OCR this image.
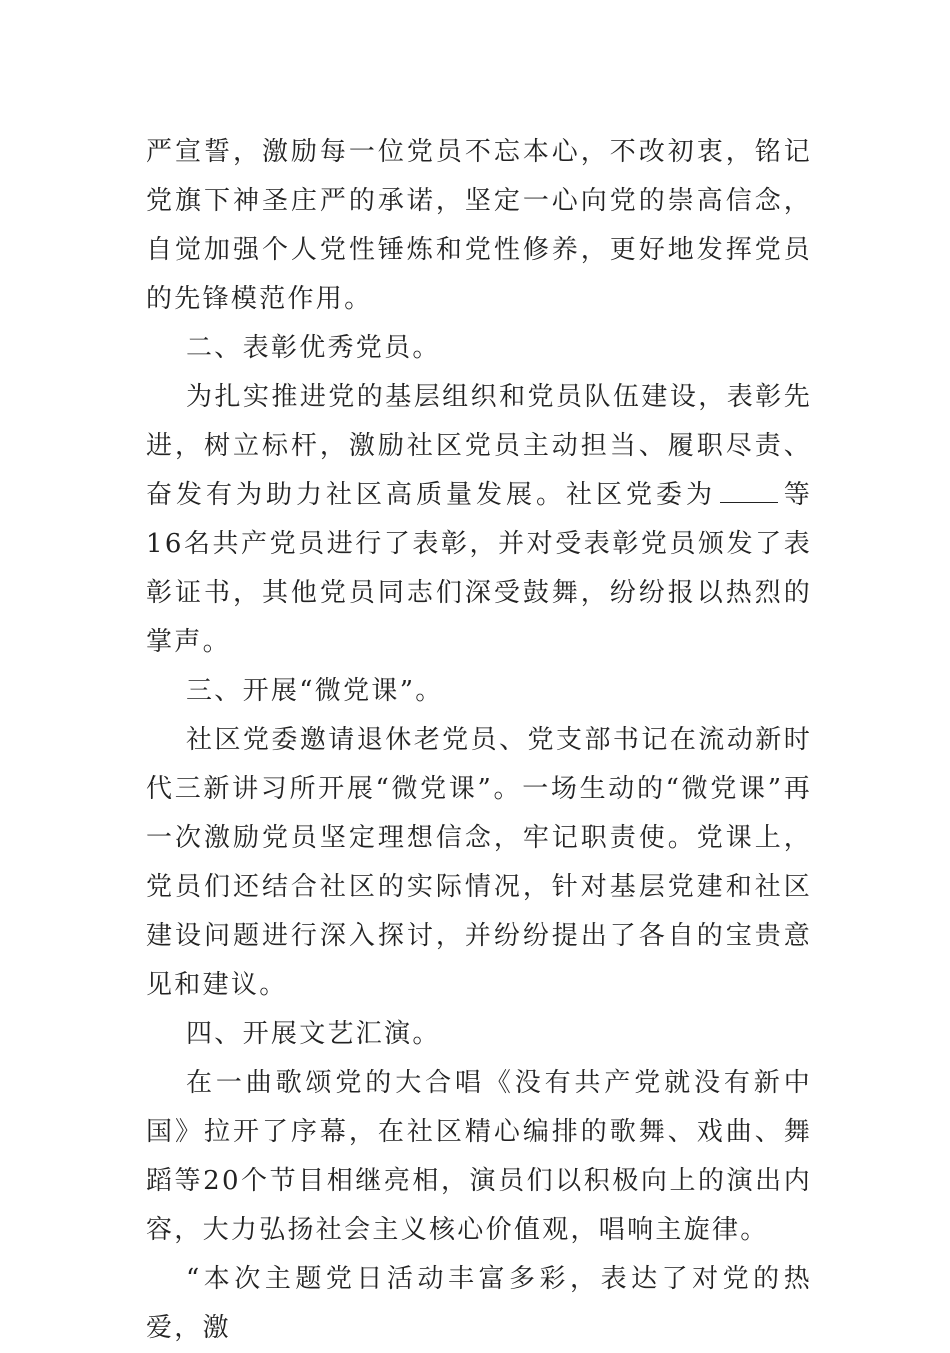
严宣誓，激励每一位党员不忘本心，不改初衷，铭记党旗下神圣庄严的承诺，坚定一心向党的崇高信念，自觉加强个人党性锤炼和党性修养，更好地发挥党员的先锋模范作用。

二、表彰优秀党员。

为扎实推进党的基层组织和党员队伍建设，表彰先进，树立标杆，激励社区党员主动担当、履职尽责、奋发有为助力社区高质量发展。社区党委为	等16名共产党员进行了表彰，并对受表彰党员颁发了表彰证书，其他党员同志们深受鼓舞，纷纷报以热烈的掌声。

三、开展“微党课”。

社区党委邀请退休老党员、党支部书记在流动新时代三新讲习所开展“微党课”。一场生动的“微党课”再一次激励党员坚定理想信念，牢记职责使。党课上，党员们还结合社区的实际情况，针对基层党建和社区建设问题进行深入探讨，并纷纷提出了各自的宝贵意见和建议。

四、开展文艺汇演。

在一曲歌颂党的大合唱《没有共产党就没有新中国》拉开了序幕，在社区精心编排的歌舞、戏曲、舞蹈等20个节目相继亮相，演员们以积极向上的演出内容，大力弘扬社会主义核心价值观，唱响主旋律。

“本次主题党日活动丰富多彩，表达了对党的热爱，激
